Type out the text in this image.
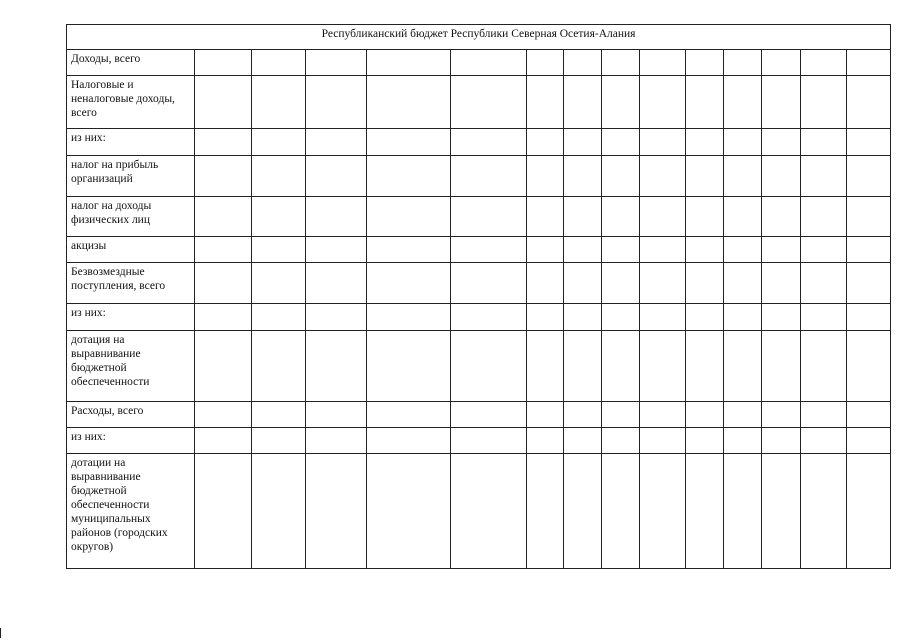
Республиканский бюджет Республики Северная Осетия-Алания														
Доходы, всего														
Налоговые и неналоговые доходы, всего														
из них:														
налог на прибыль организаций														
налог на доходы физических лиц														
акцизы														
Безвозмездные поступления, всего														
из них:														
дотация на выравнивание бюджетной обеспеченности														
Расходы, всего														
из них:														
дотации на выравнивание бюджетной обеспеченности муниципальных районов (городских округов)														
